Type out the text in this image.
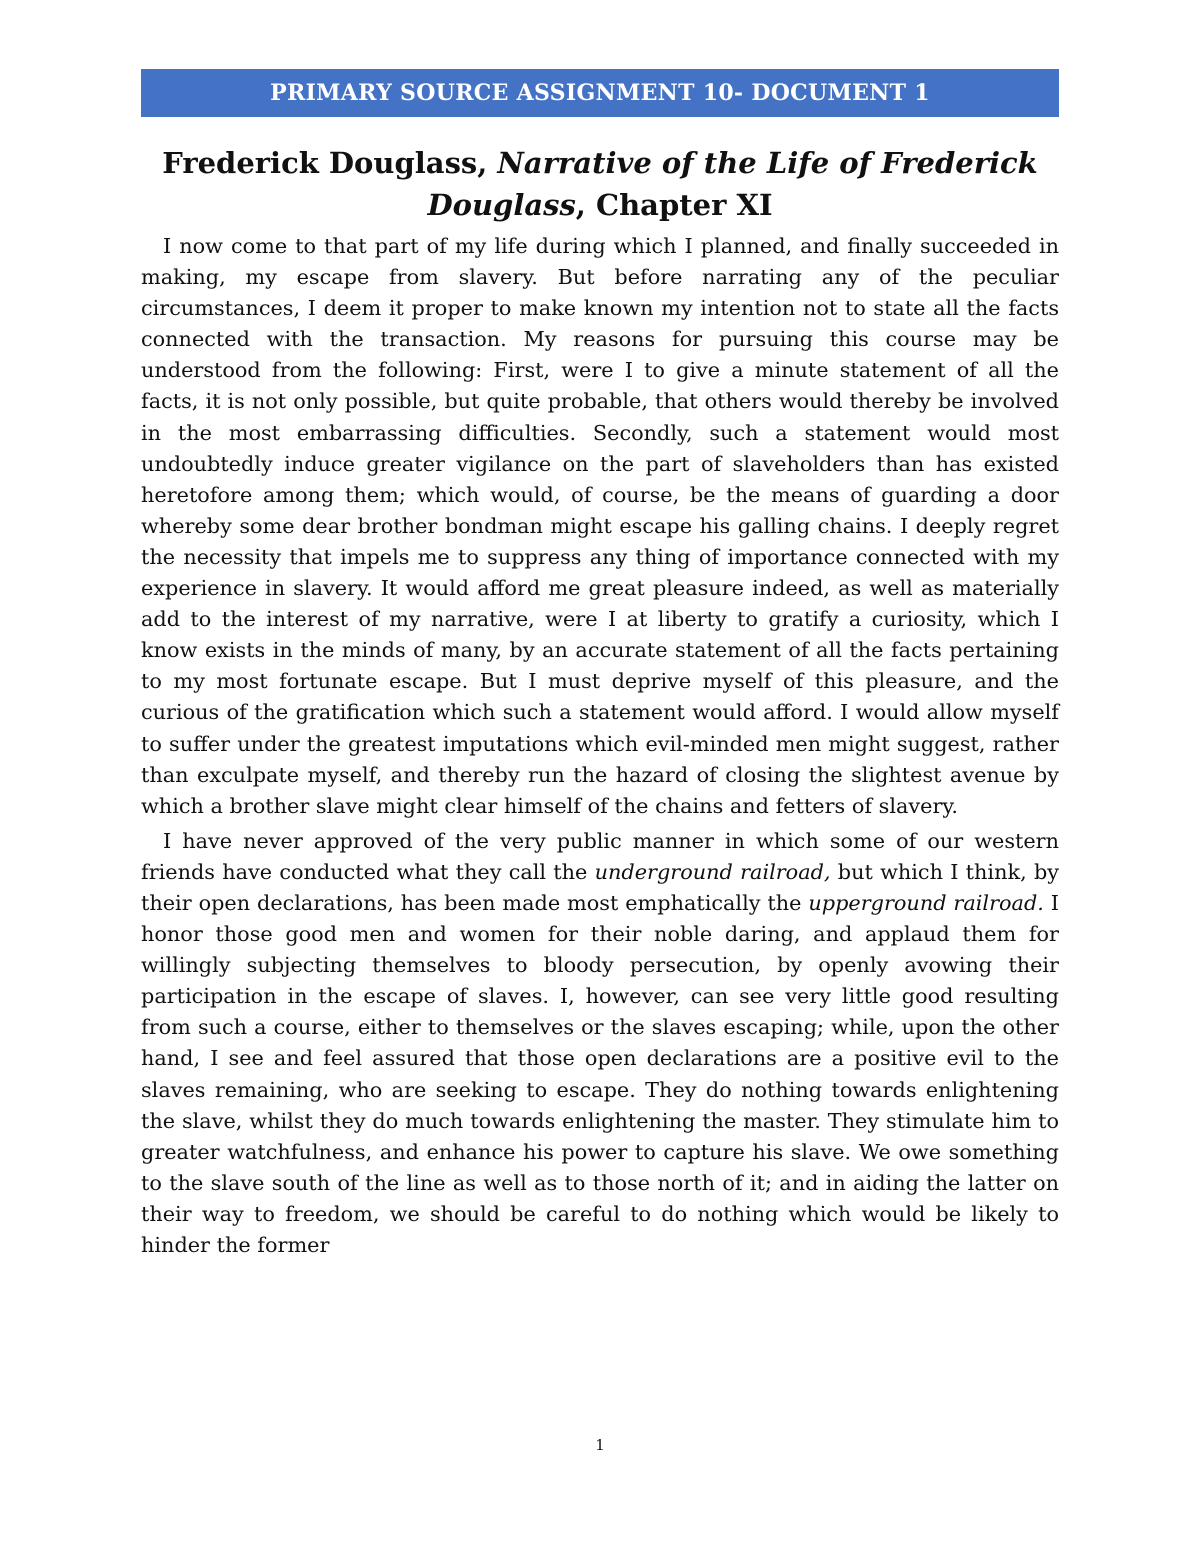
PRIMARY SOURCE ASSIGNMENT 10- DOCUMENT 1
Frederick Douglass, Narrative of the Life of Frederick Douglass, Chapter XI

I now come to that part of my life during which I planned, and finally succeeded in making, my escape from slavery. But before narrating any of the peculiar circumstances, I deem it proper to make known my intention not to state all the facts connected with the transaction. My reasons for pursuing this course may be understood from the following: First, were I to give a minute statement of all the facts, it is not only possible, but quite probable, that others would thereby be involved in the most embarrassing difficulties. Secondly, such a statement would most undoubtedly induce greater vigilance on the part of slaveholders than has existed heretofore among them; which would, of course, be the means of guarding a door whereby some dear brother bondman might escape his galling chains. I deeply regret the necessity that impels me to suppress any thing of importance connected with my experience in slavery. It would afford me great pleasure indeed, as well as materially add to the interest of my narrative, were I at liberty to gratify a curiosity, which I know exists in the minds of many, by an accurate statement of all the facts pertaining to my most fortunate escape. But I must deprive myself of this pleasure, and the curious of the gratification which such a statement would afford. I would allow myself to suffer under the greatest imputations which evil-minded men might suggest, rather than exculpate myself, and thereby run the hazard of closing the slightest avenue by which a brother slave might clear himself of the chains and fetters of slavery.

I have never approved of the very public manner in which some of our western friends have conducted what they call the underground railroad, but which I think, by their open declarations, has been made most emphatically the upperground railroad. I honor those good men and women for their noble daring, and applaud them for willingly subjecting themselves to bloody persecution, by openly avowing their participation in the escape of slaves. I, however, can see very little good resulting from such a course, either to themselves or the slaves escaping; while, upon the other hand, I see and feel assured that those open declarations are a positive evil to the slaves remaining, who are seeking to escape. They do nothing towards enlightening the slave, whilst they do much towards enlightening the master. They stimulate him to greater watchfulness, and enhance his power to capture his slave. We owe something to the slave south of the line as well as to those north of it; and in aiding the latter on their way to freedom, we should be careful to do nothing which would be likely to hinder the former

1
